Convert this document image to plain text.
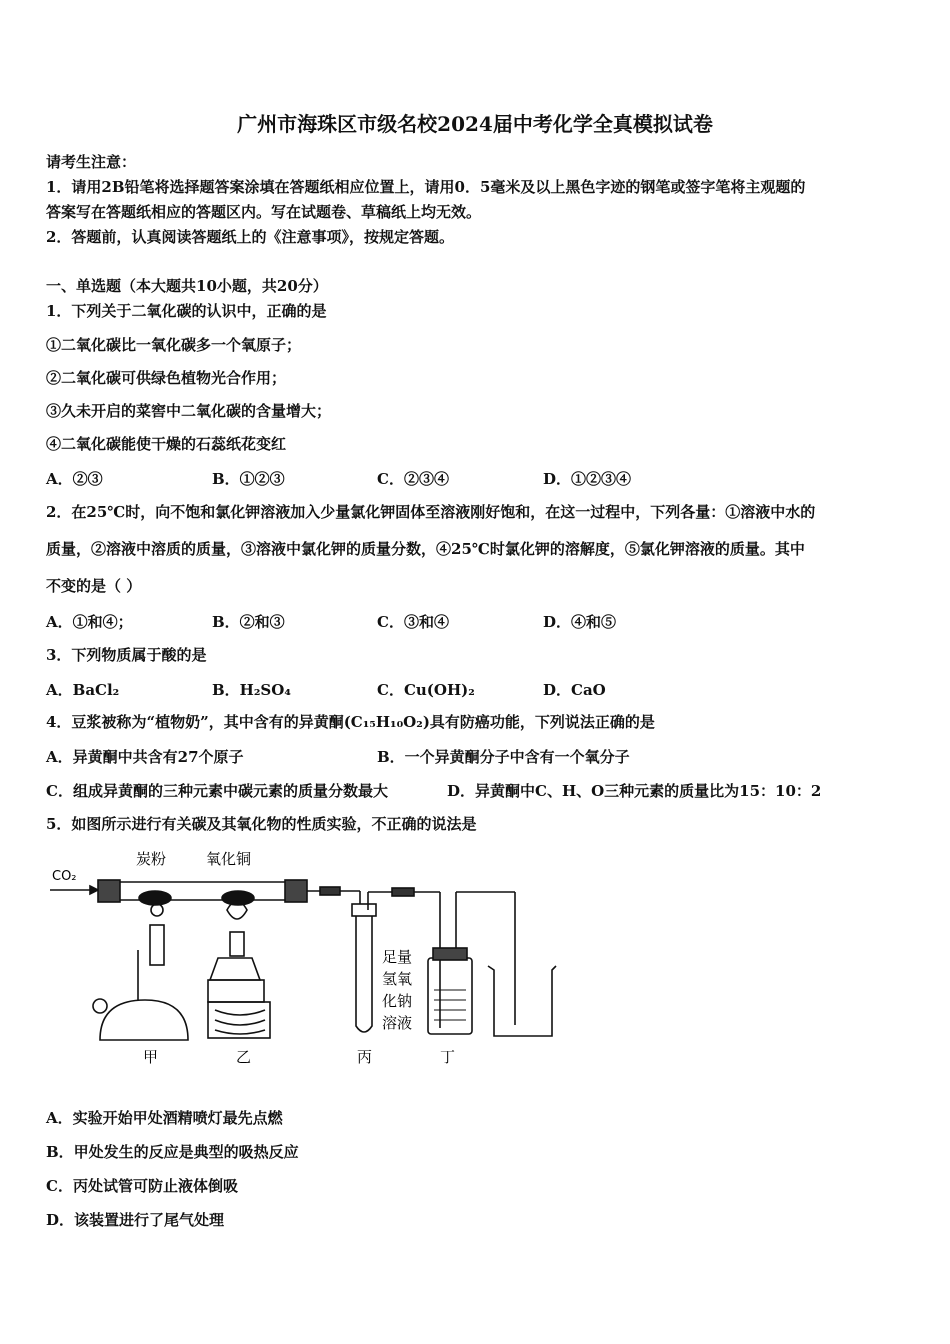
广州市海珠区市级名校2024届中考化学全真模拟试卷
请考生注意：
1．请用2B铅笔将选择题答案涂填在答题纸相应位置上，请用0．5毫米及以上黑色字迹的钢笔或签字笔将主观题的
答案写在答题纸相应的答题区内。写在试题卷、草稿纸上均无效。
2．答题前，认真阅读答题纸上的《注意事项》，按规定答题。
一、单选题（本大题共10小题，共20分）
1．下列关于二氧化碳的认识中，正确的是
①二氧化碳比一氧化碳多一个氧原子；
②二氧化碳可供绿色植物光合作用；
③久未开启的菜窖中二氧化碳的含量增大；
④二氧化碳能使干燥的石蕊纸花变红
A．②③	B．①②③	C．②③④	D．①②③④
2．在25℃时，向不饱和氯化钾溶液加入少量氯化钾固体至溶液刚好饱和，在这一过程中，下列各量：①溶液中水的
质量，②溶液中溶质的质量，③溶液中氯化钾的质量分数，④25℃时氯化钾的溶解度，⑤氯化钾溶液的质量。其中
不变的是（ ）
A．①和④；	B．②和③	C．③和④	D．④和⑤
3．下列物质属于酸的是
A．BaCl₂	B．H₂SO₄	C．Cu(OH)₂	D．CaO
4．豆浆被称为“植物奶”，其中含有的异黄酮(C₁₅H₁₀O₂)具有防癌功能，下列说法正确的是
A．异黄酮中共含有27个原子	B．一个异黄酮分子中含有一个氧分子
C．组成异黄酮的三种元素中碳元素的质量分数最大	D．异黄酮中C、H、O三种元素的质量比为15：10：2
5．如图所示进行有关碳及其氧化物的性质实验，不正确的说法是
CO₂
炭粉	氧化铜
足量
氢氧
化钠
溶液
甲	乙	丙	丁
A．实验开始甲处酒精喷灯最先点燃
B．甲处发生的反应是典型的吸热反应
C．丙处试管可防止液体倒吸
D．该装置进行了尾气处理
